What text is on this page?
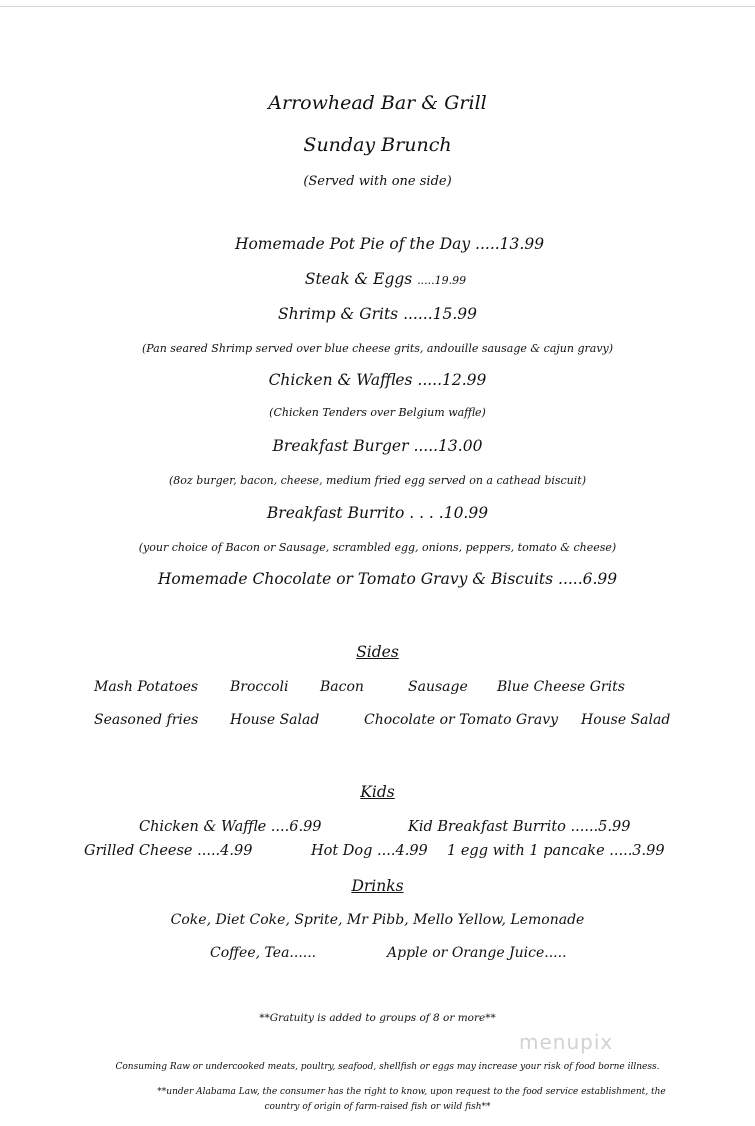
Arrowhead Bar & Grill
Sunday Brunch
(Served with one side)
Homemade Pot Pie of the Day .....13.99
Steak & Eggs .....19.99
Shrimp & Grits ......15.99
(Pan seared Shrimp served over blue cheese grits, andouille sausage & cajun gravy)
Chicken & Waffles .....12.99
(Chicken Tenders over Belgium waffle)
Breakfast Burger .....13.00
(8oz burger, bacon, cheese, medium fried egg served on a cathead biscuit)
Breakfast Burrito . . . .10.99
(your choice of Bacon or Sausage, scrambled egg, onions, peppers, tomato & cheese)
Homemade Chocolate or Tomato Gravy & Biscuits .....6.99
Sides
Mash Potatoes Broccoli Bacon	Sausage Blue Cheese Grits
Seasoned fries House Salad	Chocolate or Tomato Gravy House Salad
Kids
Chicken & Waffle ....6.99	Kid Breakfast Burrito ......5.99
Grilled Cheese .....4.99	Hot Dog ....4.99 1 egg with 1 pancake .....3.99
Drinks
Coke, Diet Coke, Sprite, Mr Pibb, Mello Yellow, Lemonade
Coffee, Tea......	Apple or Orange Juice.....
**Gratuity is added to groups of 8 or more**
menupix
Consuming Raw or undercooked meats, poultry, seafood, shellfish or eggs may increase your risk of food borne illness.
**under Alabama Law, the consumer has the right to know, upon request to the food service establishment, the
country of origin of farm-raised fish or wild fish**
